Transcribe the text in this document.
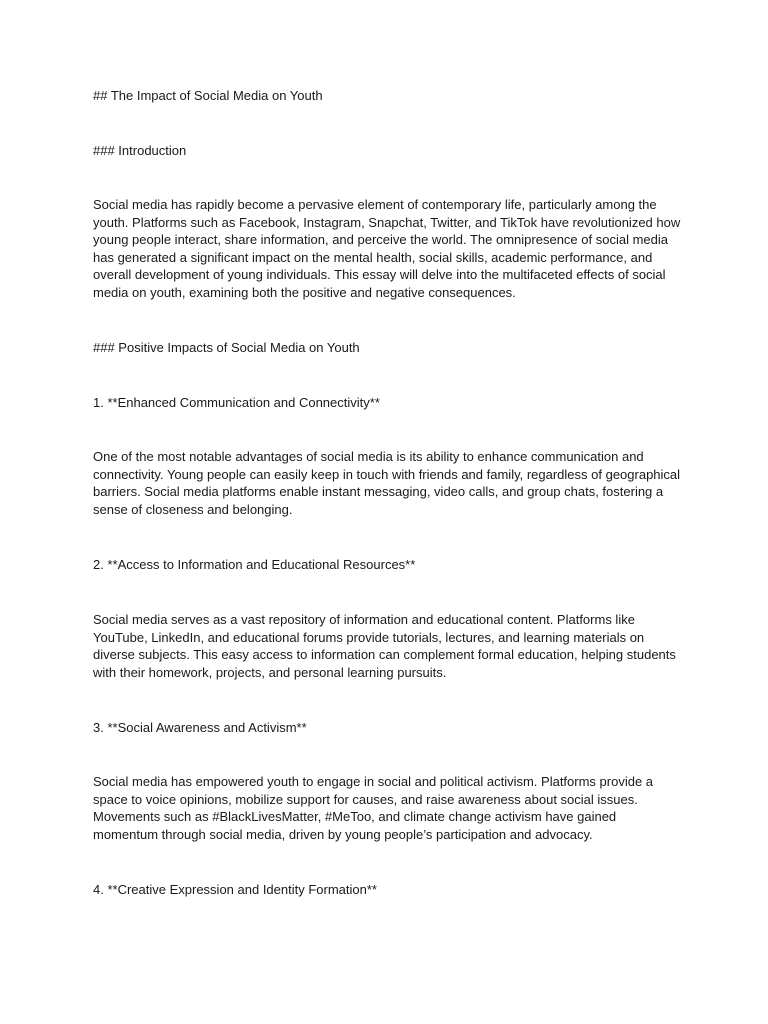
## The Impact of Social Media on Youth

### Introduction

Social media has rapidly become a pervasive element of contemporary life, particularly among the youth. Platforms such as Facebook, Instagram, Snapchat, Twitter, and TikTok have revolutionized how young people interact, share information, and perceive the world. The omnipresence of social media has generated a significant impact on the mental health, social skills, academic performance, and overall development of young individuals. This essay will delve into the multifaceted effects of social media on youth, examining both the positive and negative consequences.

### Positive Impacts of Social Media on Youth

1. **Enhanced Communication and Connectivity**

One of the most notable advantages of social media is its ability to enhance communication and connectivity. Young people can easily keep in touch with friends and family, regardless of geographical barriers. Social media platforms enable instant messaging, video calls, and group chats, fostering a sense of closeness and belonging.

2. **Access to Information and Educational Resources**

Social media serves as a vast repository of information and educational content. Platforms like YouTube, LinkedIn, and educational forums provide tutorials, lectures, and learning materials on diverse subjects. This easy access to information can complement formal education, helping students with their homework, projects, and personal learning pursuits.

3. **Social Awareness and Activism**

Social media has empowered youth to engage in social and political activism. Platforms provide a space to voice opinions, mobilize support for causes, and raise awareness about social issues. Movements such as #BlackLivesMatter, #MeToo, and climate change activism have gained momentum through social media, driven by young people’s participation and advocacy.

4. **Creative Expression and Identity Formation**
